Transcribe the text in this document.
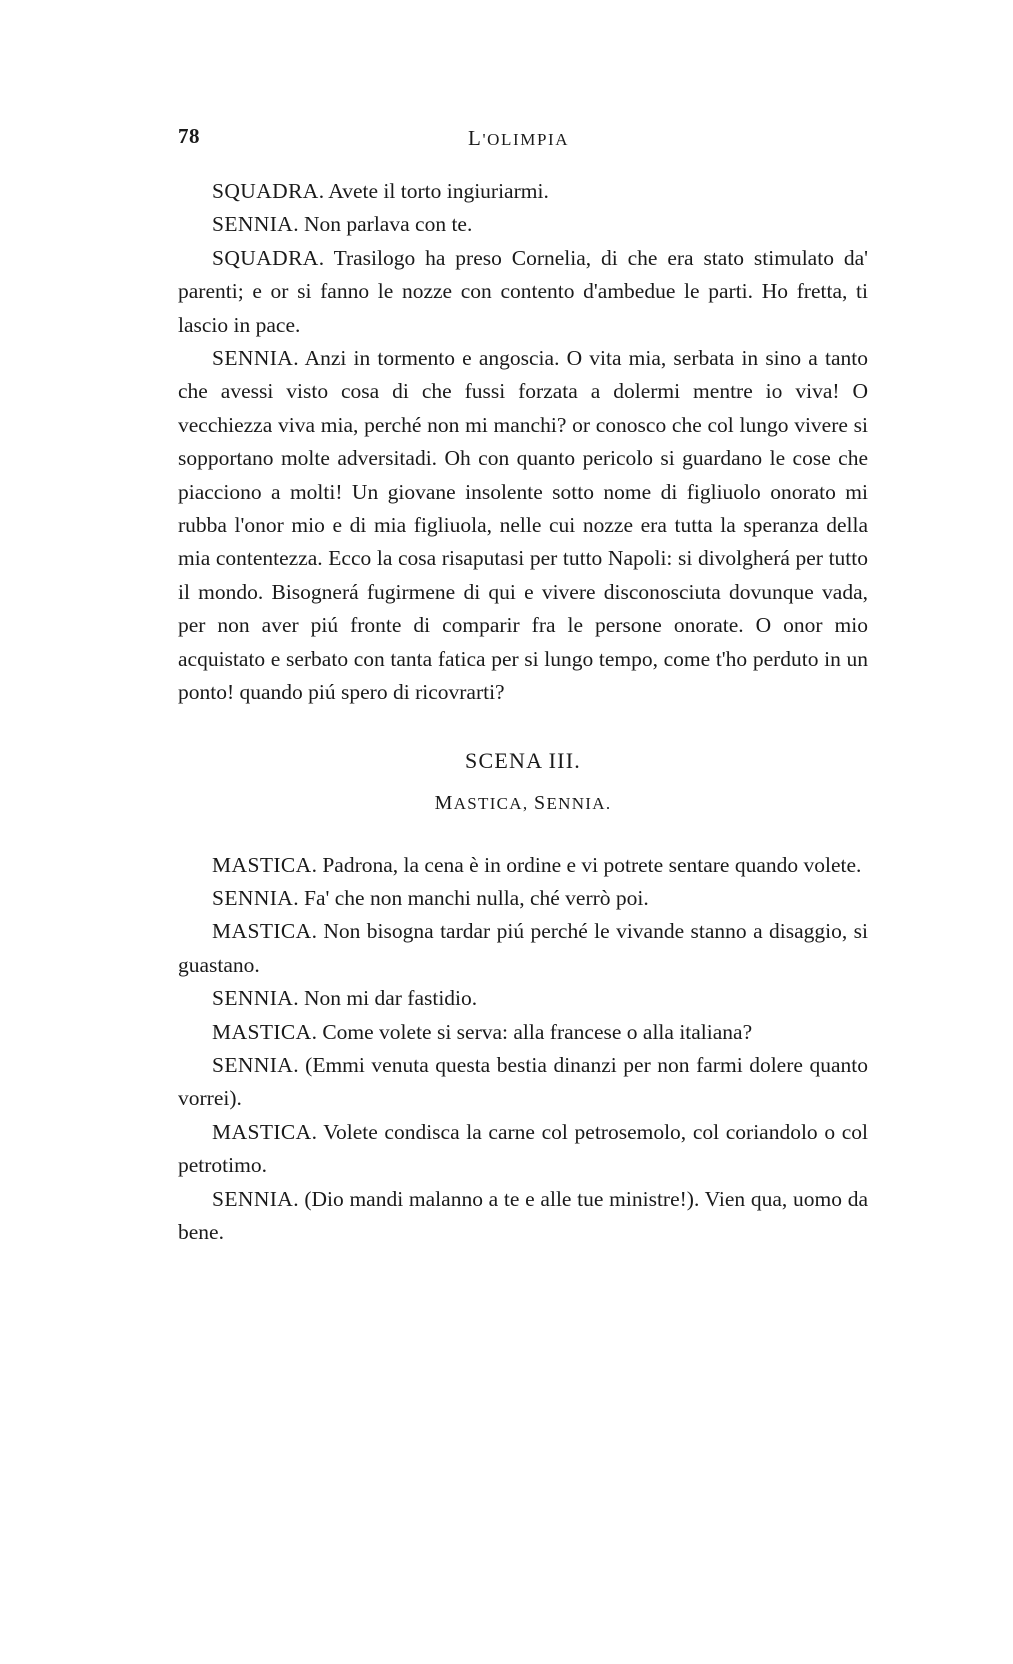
78	L'OLIMPIA

SQUADRA. Avete il torto ingiuriarmi.

SENNIA. Non parlava con te.

SQUADRA. Trasilogo ha preso Cornelia, di che era stato stimulato da' parenti; e or si fanno le nozze con contento d'ambedue le parti. Ho fretta, ti lascio in pace.

SENNIA. Anzi in tormento e angoscia. O vita mia, serbata in sino a tanto che avessi visto cosa di che fussi forzata a dolermi mentre io viva! O vecchiezza viva mia, perché non mi manchi? or conosco che col lungo vivere si sopportano molte adversitadi. Oh con quanto pericolo si guardano le cose che piacciono a molti! Un giovane insolente sotto nome di figliuolo onorato mi rubba l'onor mio e di mia figliuola, nelle cui nozze era tutta la speranza della mia contentezza. Ecco la cosa risaputasi per tutto Napoli: si divolgherá per tutto il mondo. Bisognerá fugirmene di qui e vivere disconosciuta dovunque vada, per non aver piú fronte di comparir fra le persone onorate. O onor mio acquistato e serbato con tanta fatica per si lungo tempo, come t'ho perduto in un ponto! quando piú spero di ricovrarti?

SCENA III.

MASTICA, SENNIA.

MASTICA. Padrona, la cena è in ordine e vi potrete sentare quando volete.

SENNIA. Fa' che non manchi nulla, ché verrò poi.

MASTICA. Non bisogna tardar piú perché le vivande stanno a disaggio, si guastano.

SENNIA. Non mi dar fastidio.

MASTICA. Come volete si serva: alla francese o alla italiana?

SENNIA. (Emmi venuta questa bestia dinanzi per non farmi dolere quanto vorrei).

MASTICA. Volete condisca la carne col petrosemolo, col coriandolo o col petrotimo.

SENNIA. (Dio mandi malanno a te e alle tue ministre!). Vien qua, uomo da bene.
